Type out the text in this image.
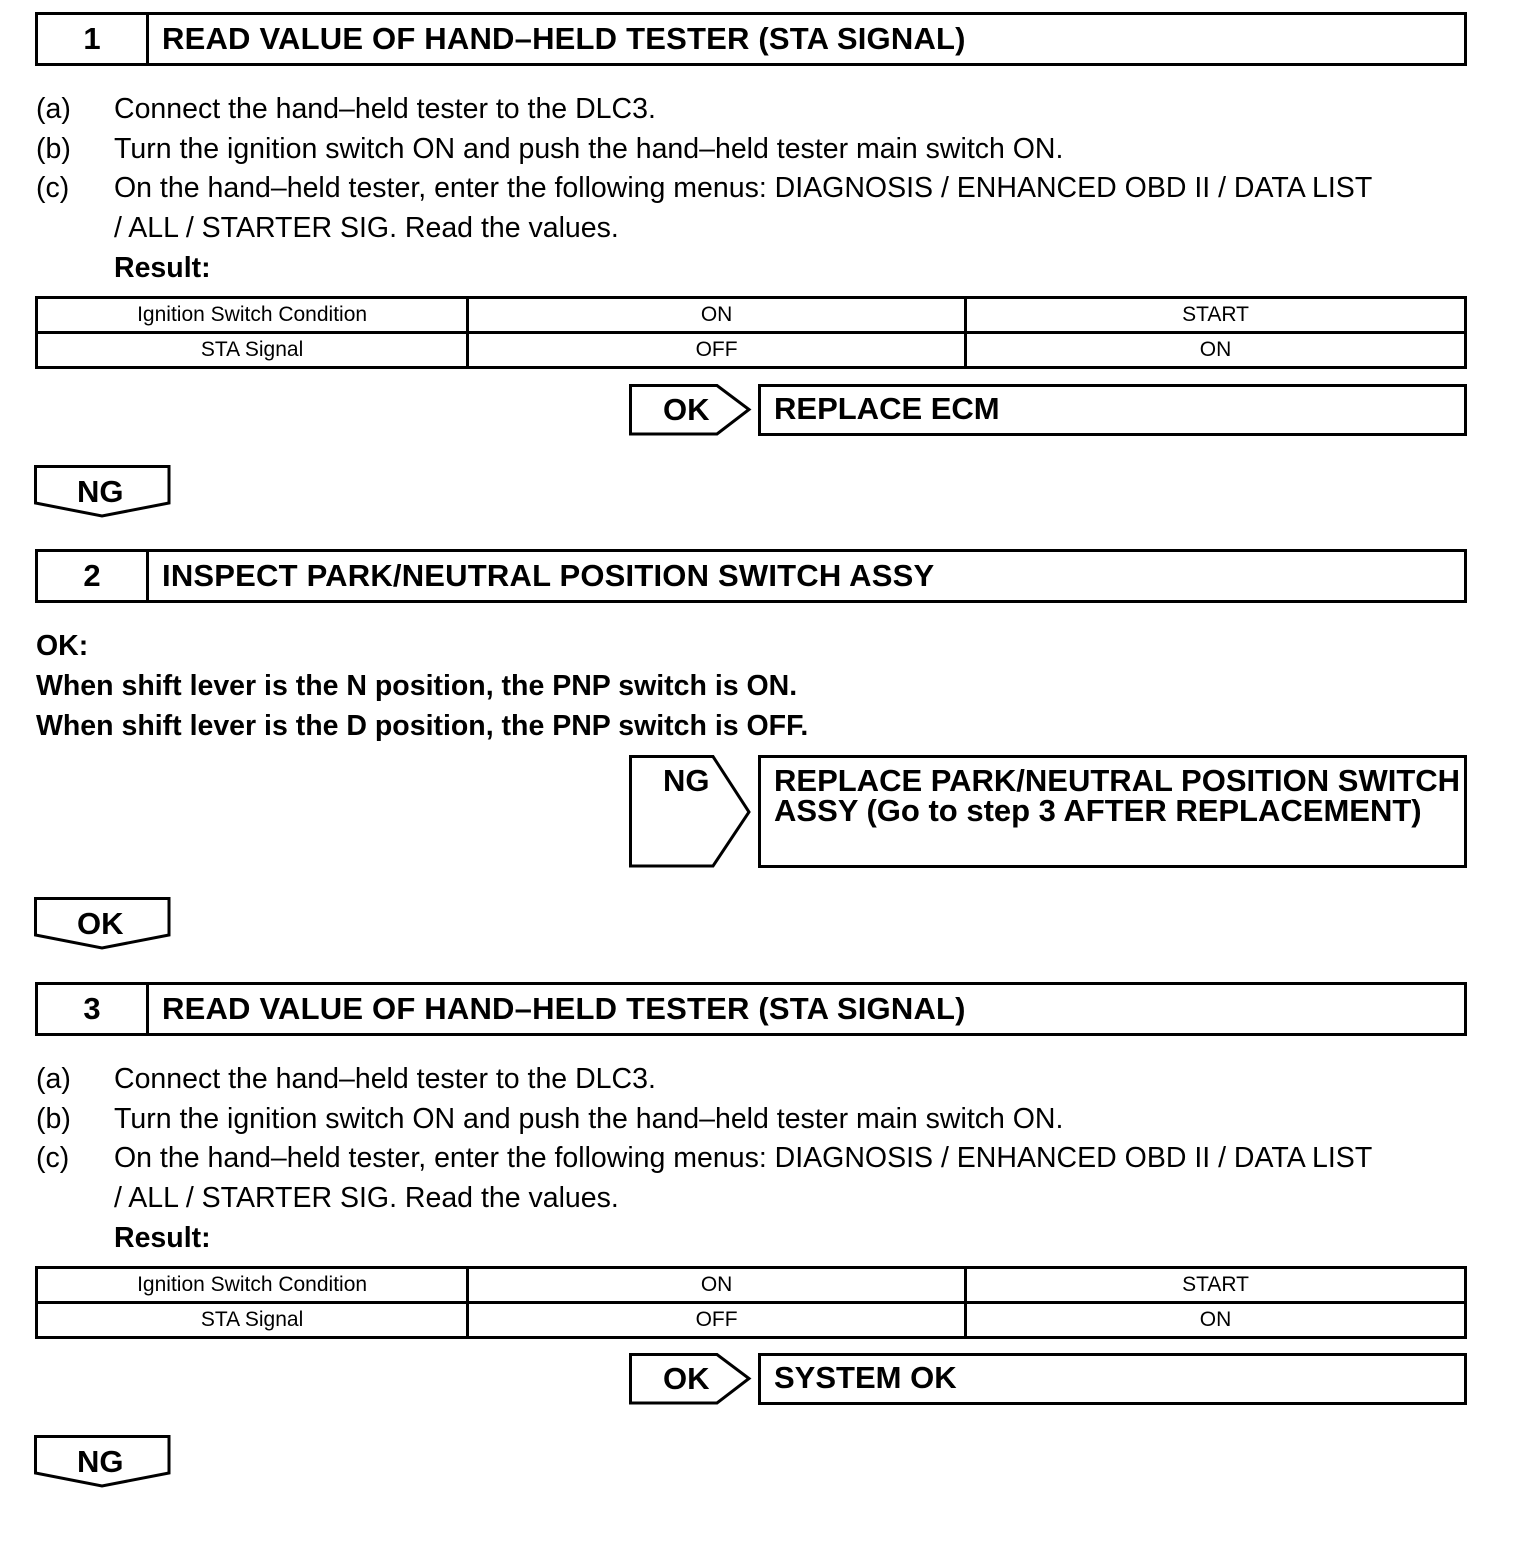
1	READ VALUE OF HAND–HELD TESTER (STA SIGNAL)
(a) Connect the hand–held tester to the DLC3.
(b) Turn the ignition switch ON and push the hand–held tester main switch ON.
(c) On the hand–held tester, enter the following menus: DIAGNOSIS / ENHANCED OBD II / DATA LIST
/ ALL / STARTER SIG. Read the values.
Result:
Ignition Switch Condition	ON	START
STA Signal	OFF	ON
OK	REPLACE ECM
NG
2	INSPECT PARK/NEUTRAL POSITION SWITCH ASSY
OK:
When shift lever is the N position, the PNP switch is ON.
When shift lever is the D position, the PNP switch is OFF.
NG REPLACE PARK/NEUTRAL POSITION SWITCH
ASSY (Go to step 3 AFTER REPLACEMENT)
OK
3	READ VALUE OF HAND–HELD TESTER (STA SIGNAL)
(a) Connect the hand–held tester to the DLC3.
(b) Turn the ignition switch ON and push the hand–held tester main switch ON.
(c) On the hand–held tester, enter the following menus: DIAGNOSIS / ENHANCED OBD II / DATA LIST
/ ALL / STARTER SIG. Read the values.
Result:
Ignition Switch Condition	ON	START
STA Signal	OFF	ON
OK	SYSTEM OK
NG
